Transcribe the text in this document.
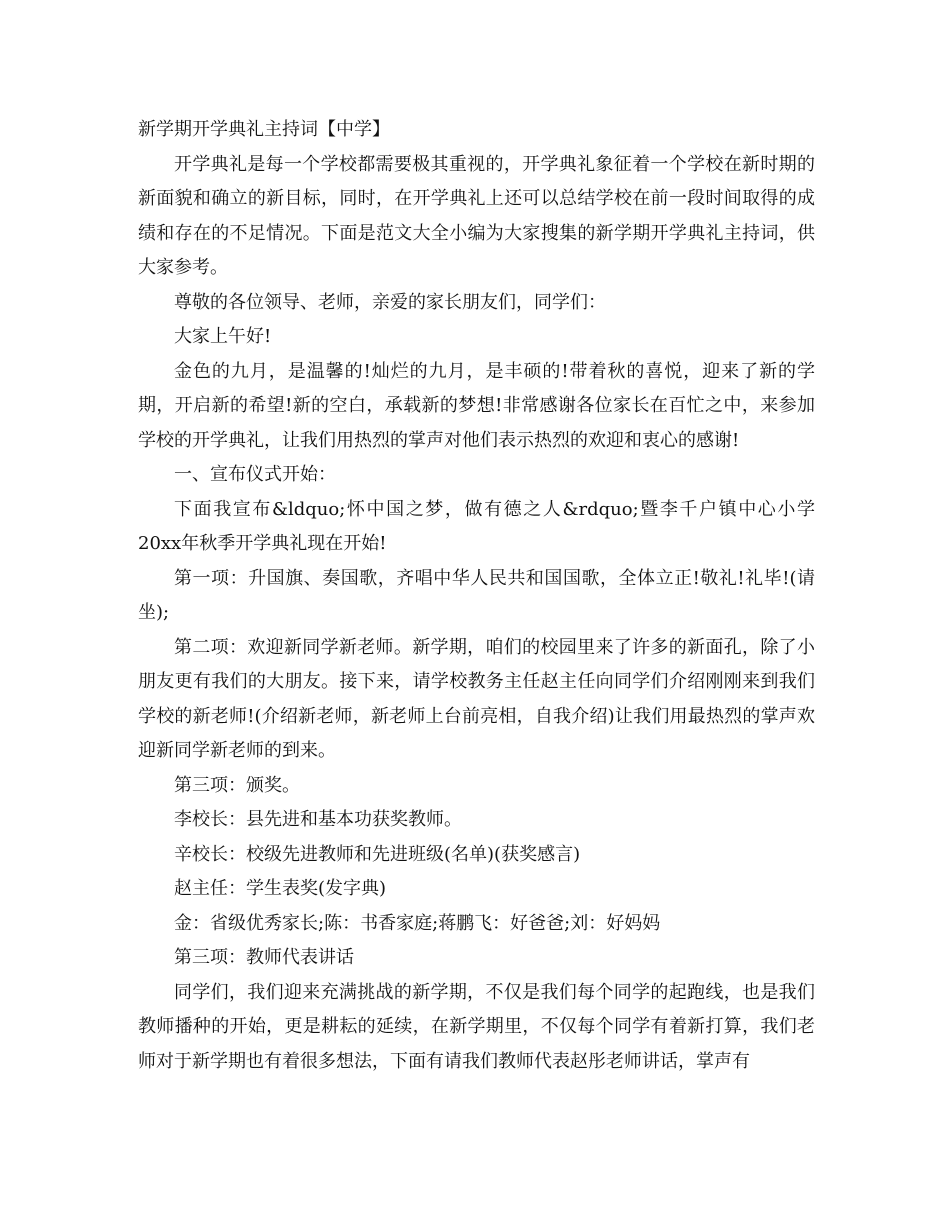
新学期开学典礼主持词【中学】

开学典礼是每一个学校都需要极其重视的，开学典礼象征着一个学校在新时期的新面貌和确立的新目标，同时，在开学典礼上还可以总结学校在前一段时间取得的成绩和存在的不足情况。下面是范文大全小编为大家搜集的新学期开学典礼主持词，供大家参考。

尊敬的各位领导、老师，亲爱的家长朋友们，同学们：

大家上午好!

金色的九月，是温馨的!灿烂的九月，是丰硕的!带着秋的喜悦，迎来了新的学期，开启新的希望!新的空白，承载新的梦想!非常感谢各位家长在百忙之中，来参加学校的开学典礼，让我们用热烈的掌声对他们表示热烈的欢迎和衷心的感谢!

一、宣布仪式开始：

下面我宣布&ldquo;怀中国之梦，做有德之人&rdquo;暨李千户镇中心小学20xx年秋季开学典礼现在开始!

第一项：升国旗、奏国歌，齐唱中华人民共和国国歌，全体立正!敬礼!礼毕!(请坐);

第二项：欢迎新同学新老师。新学期，咱们的校园里来了许多的新面孔，除了小朋友更有我们的大朋友。接下来，请学校教务主任赵主任向同学们介绍刚刚来到我们学校的新老师!(介绍新老师，新老师上台前亮相，自我介绍)让我们用最热烈的掌声欢迎新同学新老师的到来。

第三项：颁奖。

李校长：县先进和基本功获奖教师。

辛校长：校级先进教师和先进班级(名单)(获奖感言)

赵主任：学生表奖(发字典)

金：省级优秀家长;陈：书香家庭;蒋鹏飞：好爸爸;刘：好妈妈

第三项：教师代表讲话

同学们，我们迎来充满挑战的新学期，不仅是我们每个同学的起跑线，也是我们教师播种的开始，更是耕耘的延续，在新学期里，不仅每个同学有着新打算，我们老师对于新学期也有着很多想法，下面有请我们教师代表赵彤老师讲话，掌声有
